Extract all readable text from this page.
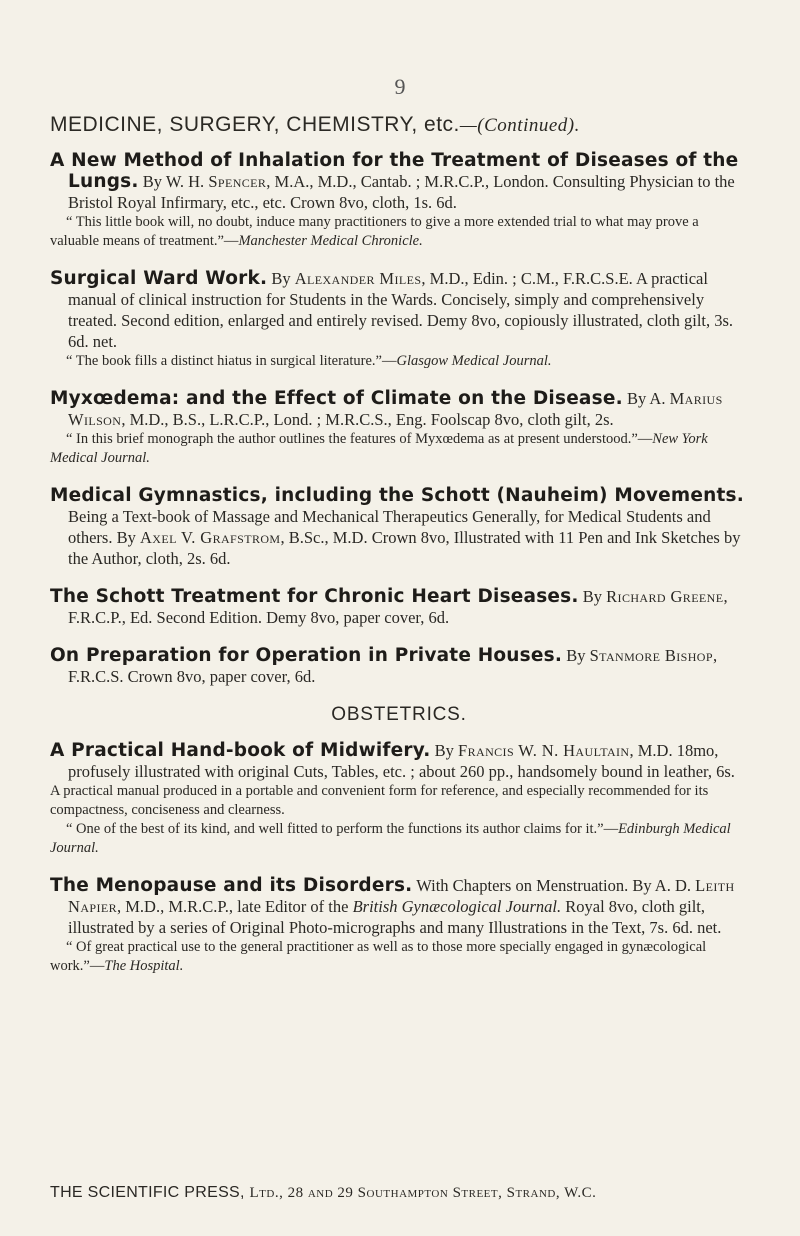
9
MEDICINE, SURGERY, CHEMISTRY, etc.—(Continued).

A New Method of Inhalation for the Treatment of Diseases of the Lungs. By W. H. Spencer, M.A., M.D., Cantab. ; M.R.C.P., London. Consulting Physician to the Bristol Royal Infirmary, etc., etc. Crown 8vo, cloth, 1s. 6d.

“ This little book will, no doubt, induce many practitioners to give a more extended trial to what may prove a valuable means of treatment.”—Manchester Medical Chronicle.

Surgical Ward Work. By Alexander Miles, M.D., Edin. ; C.M., F.R.C.S.E. A practical manual of clinical instruction for Students in the Wards. Concisely, simply and comprehensively treated. Second edition, enlarged and entirely revised. Demy 8vo, copiously illustrated, cloth gilt, 3s. 6d. net.

“ The book fills a distinct hiatus in surgical literature.”—Glasgow Medical Journal.

Myxœdema: and the Effect of Climate on the Disease. By A. Marius Wilson, M.D., B.S., L.R.C.P., Lond. ; M.R.C.S., Eng. Foolscap 8vo, cloth gilt, 2s.

“ In this brief monograph the author outlines the features of Myxœdema as at present understood.”—New York Medical Journal.

Medical Gymnastics, including the Schott (Nauheim) Movements. Being a Text-book of Massage and Mechanical Therapeutics Generally, for Medical Students and others. By Axel V. Grafstrom, B.Sc., M.D. Crown 8vo, Illustrated with 11 Pen and Ink Sketches by the Author, cloth, 2s. 6d.

The Schott Treatment for Chronic Heart Diseases. By Richard Greene, F.R.C.P., Ed. Second Edition. Demy 8vo, paper cover, 6d.

On Preparation for Operation in Private Houses. By Stanmore Bishop, F.R.C.S. Crown 8vo, paper cover, 6d.

OBSTETRICS.

A Practical Hand-book of Midwifery. By Francis W. N. Haultain, M.D. 18mo, profusely illustrated with original Cuts, Tables, etc. ; about 260 pp., handsomely bound in leather, 6s.

A practical manual produced in a portable and convenient form for reference, and especially recommended for its compactness, conciseness and clearness.

“ One of the best of its kind, and well fitted to perform the functions its author claims for it.”—Edinburgh Medical Journal.

The Menopause and its Disorders. With Chapters on Menstruation. By A. D. Leith Napier, M.D., M.R.C.P., late Editor of the British Gynæcological Journal. Royal 8vo, cloth gilt, illustrated by a series of Original Photo-micrographs and many Illustrations in the Text, 7s. 6d. net.

“ Of great practical use to the general practitioner as well as to those more specially engaged in gynæcological work.”—The Hospital.

THE SCIENTIFIC PRESS, Ltd., 28 and 29 Southampton Street, Strand, W.C.
